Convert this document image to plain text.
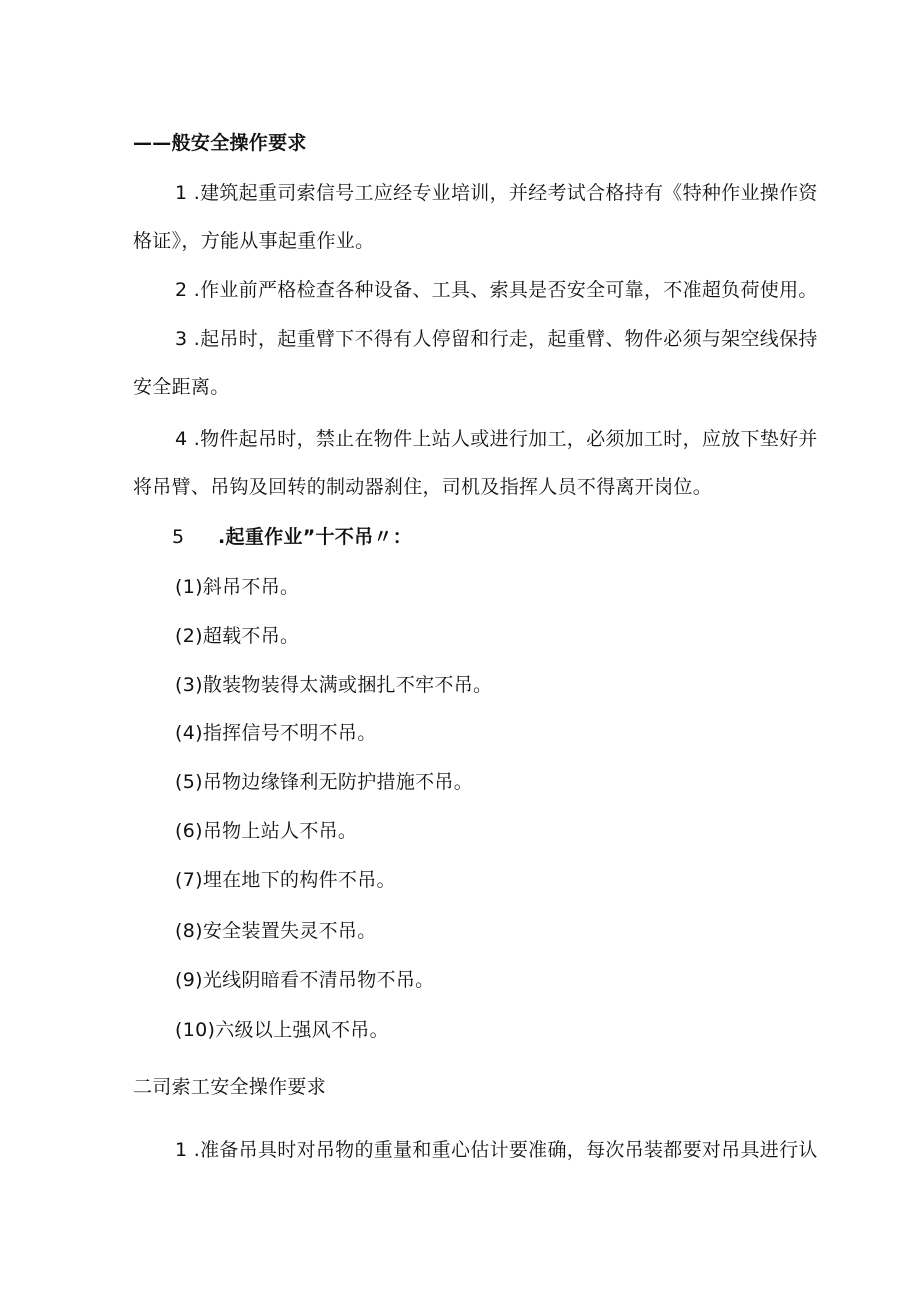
——般安全操作要求
1 .建筑起重司索信号工应经专业培训，并经考试合格持有《特种作业操作资
格证》，方能从事起重作业。
2 .作业前严格检查各种设备、工具、索具是否安全可靠，不准超负荷使用。
3 .起吊时，起重臂下不得有人停留和行走，起重臂、物件必须与架空线保持
安全距离。
4 .物件起吊时，禁止在物件上站人或进行加工，必须加工时，应放下垫好并
将吊臂、吊钩及回转的制动器刹住，司机及指挥人员不得离开岗位。
5 .起重作业”十不吊〃：
(1)斜吊不吊。
(2)超载不吊。
(3)散装物装得太满或捆扎不牢不吊。
(4)指挥信号不明不吊。
(5)吊物边缘锋利无防护措施不吊。
(6)吊物上站人不吊。
(7)埋在地下的构件不吊。
(8)安全装置失灵不吊。
(9)光线阴暗看不清吊物不吊。
(10)六级以上强风不吊。
二司索工安全操作要求
1 .准备吊具时对吊物的重量和重心估计要准确，每次吊装都要对吊具进行认
